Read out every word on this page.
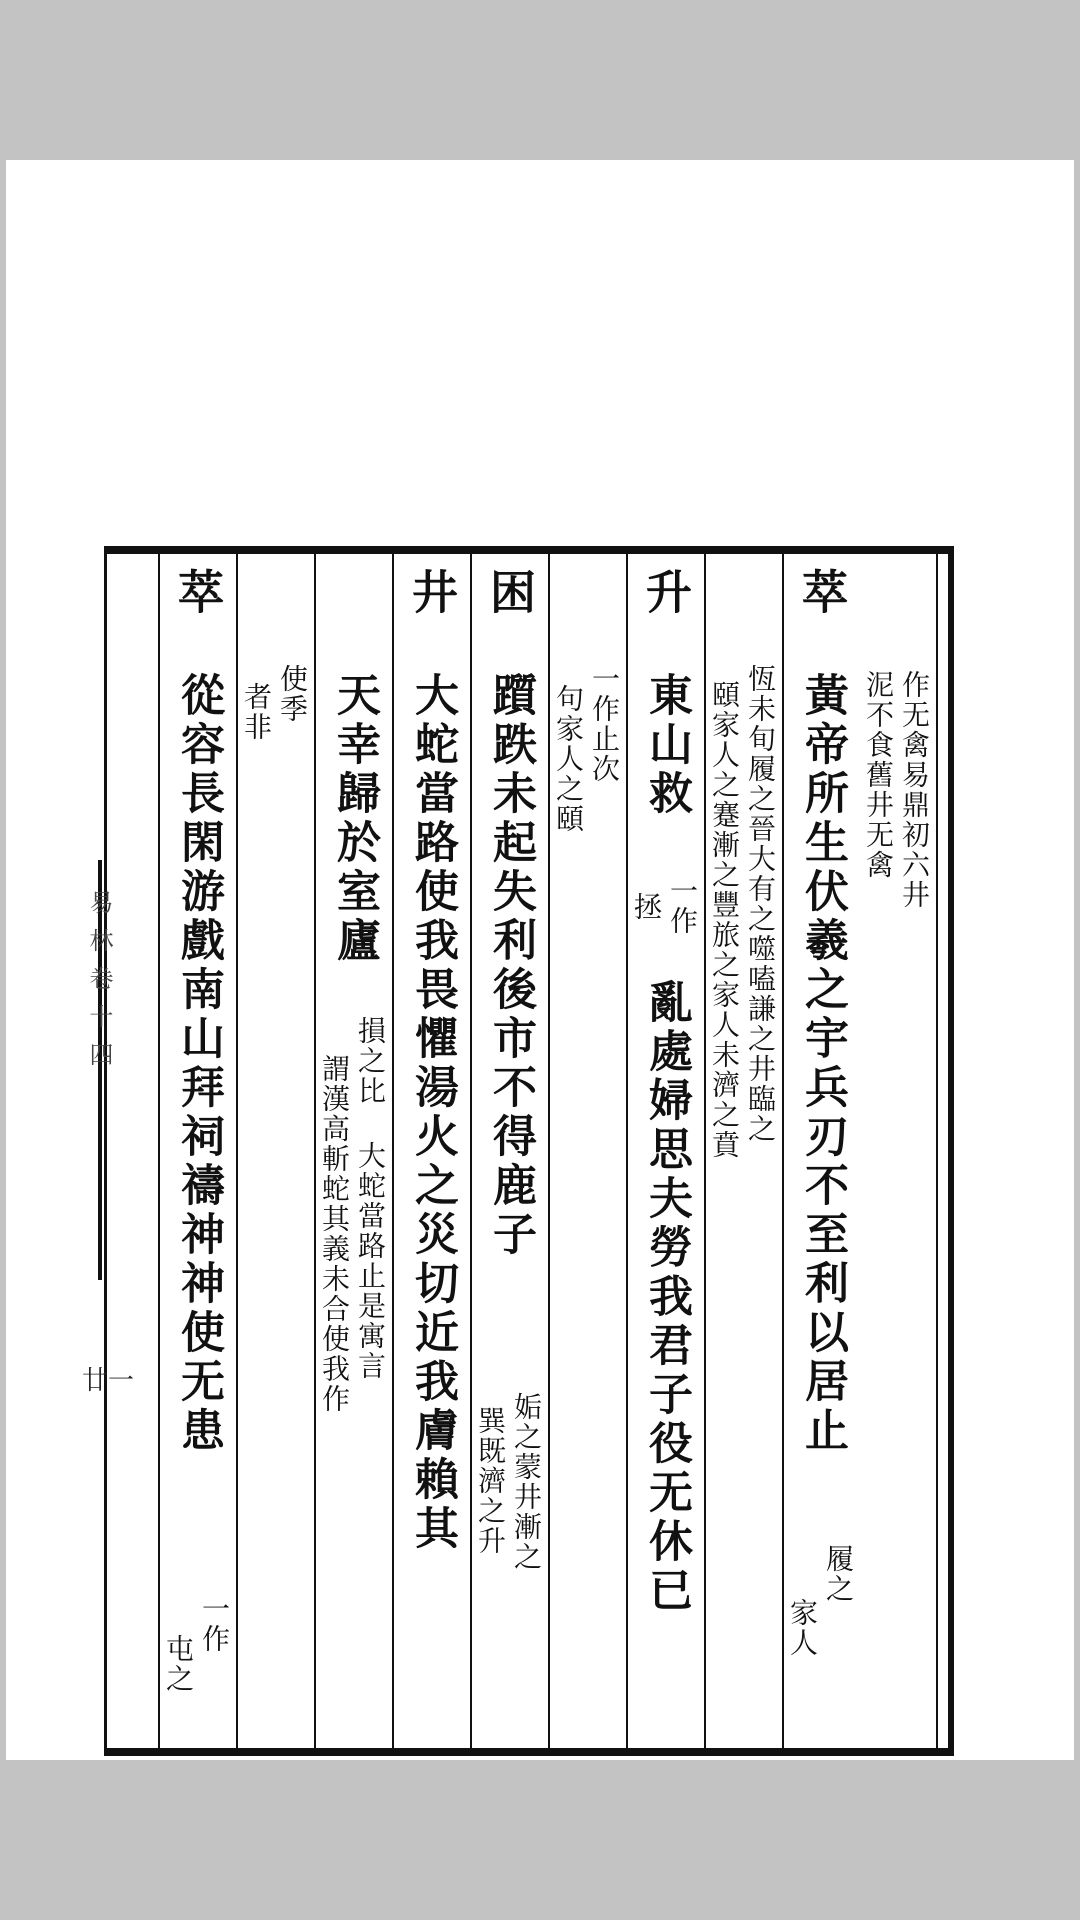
作无禽易鼎初六井
泥不食舊井无禽
萃
黃帝所生伏羲之宇兵刃不至利以居止
履之
家人
恆未旬履之晉大有之噬嗑謙之井臨之
頤家人之蹇漸之豐旅之家人未濟之賁
升
東山救
一作
拯
亂處婦思夫勞我君子役无休已
一作止次
句家人之頤
困
躓跌未起失利後市不得鹿子
姤之蒙井漸之
巽既濟之升
井
大蛇當路使我畏懼湯火之災切近我膚賴其
天幸歸於室廬
損之比 大蛇當路止是寓言
謂漢高斬蛇其義未合使我作
使季
者非
萃
從容長閑游戲南山拜祠禱神神使无患
一作
屯之
易林卷十四
廿一
